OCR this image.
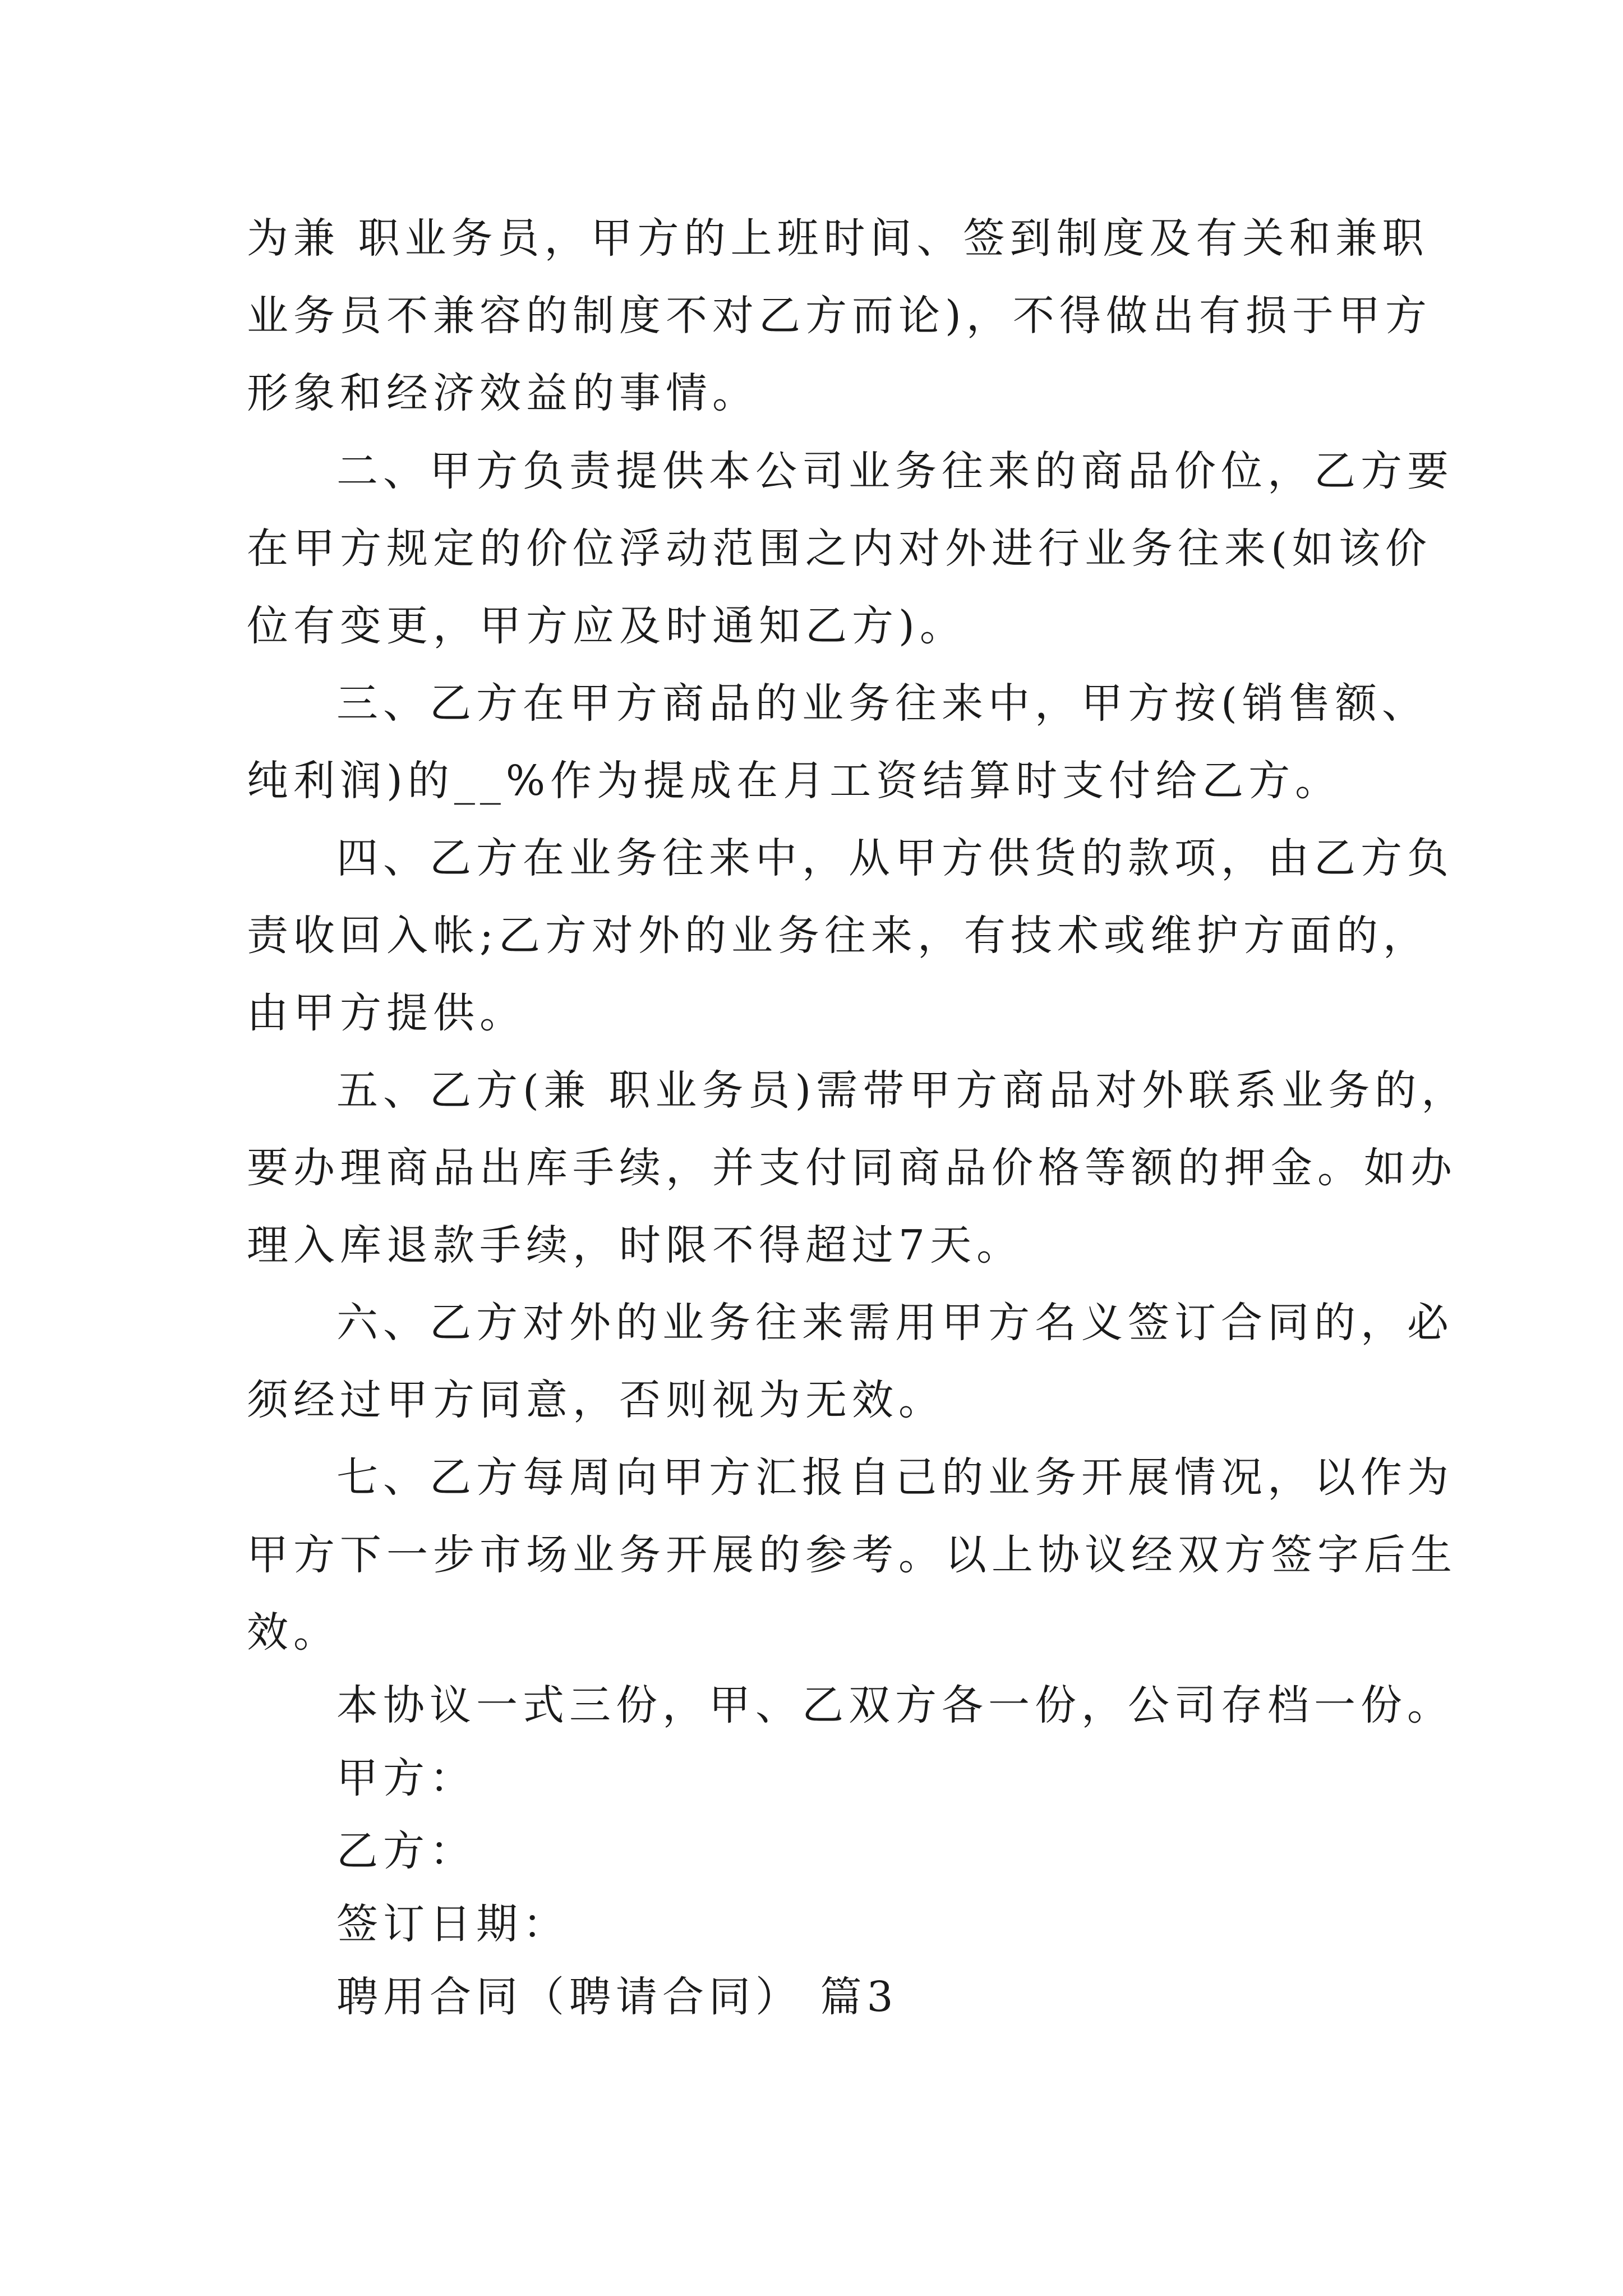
为兼 职业务员，甲方的上班时间、签到制度及有关和兼职
业务员不兼容的制度不对乙方而论)，不得做出有损于甲方
形象和经济效益的事情。
二、甲方负责提供本公司业务往来的商品价位，乙方要
在甲方规定的价位浮动范围之内对外进行业务往来(如该价
位有变更，甲方应及时通知乙方)。
三、乙方在甲方商品的业务往来中，甲方按(销售额、
纯利润)的__%作为提成在月工资结算时支付给乙方。
四、乙方在业务往来中，从甲方供货的款项，由乙方负
责收回入帐;乙方对外的业务往来，有技术或维护方面的，
由甲方提供。
五、乙方(兼 职业务员)需带甲方商品对外联系业务的，
要办理商品出库手续，并支付同商品价格等额的押金。如办
理入库退款手续，时限不得超过7天。
六、乙方对外的业务往来需用甲方名义签订合同的，必
须经过甲方同意，否则视为无效。
七、乙方每周向甲方汇报自己的业务开展情况，以作为
甲方下一步市场业务开展的参考。以上协议经双方签字后生
效。
本协议一式三份，甲、乙双方各一份，公司存档一份。
甲方：
乙方：
签订日期：
聘用合同（聘请合同） 篇3
